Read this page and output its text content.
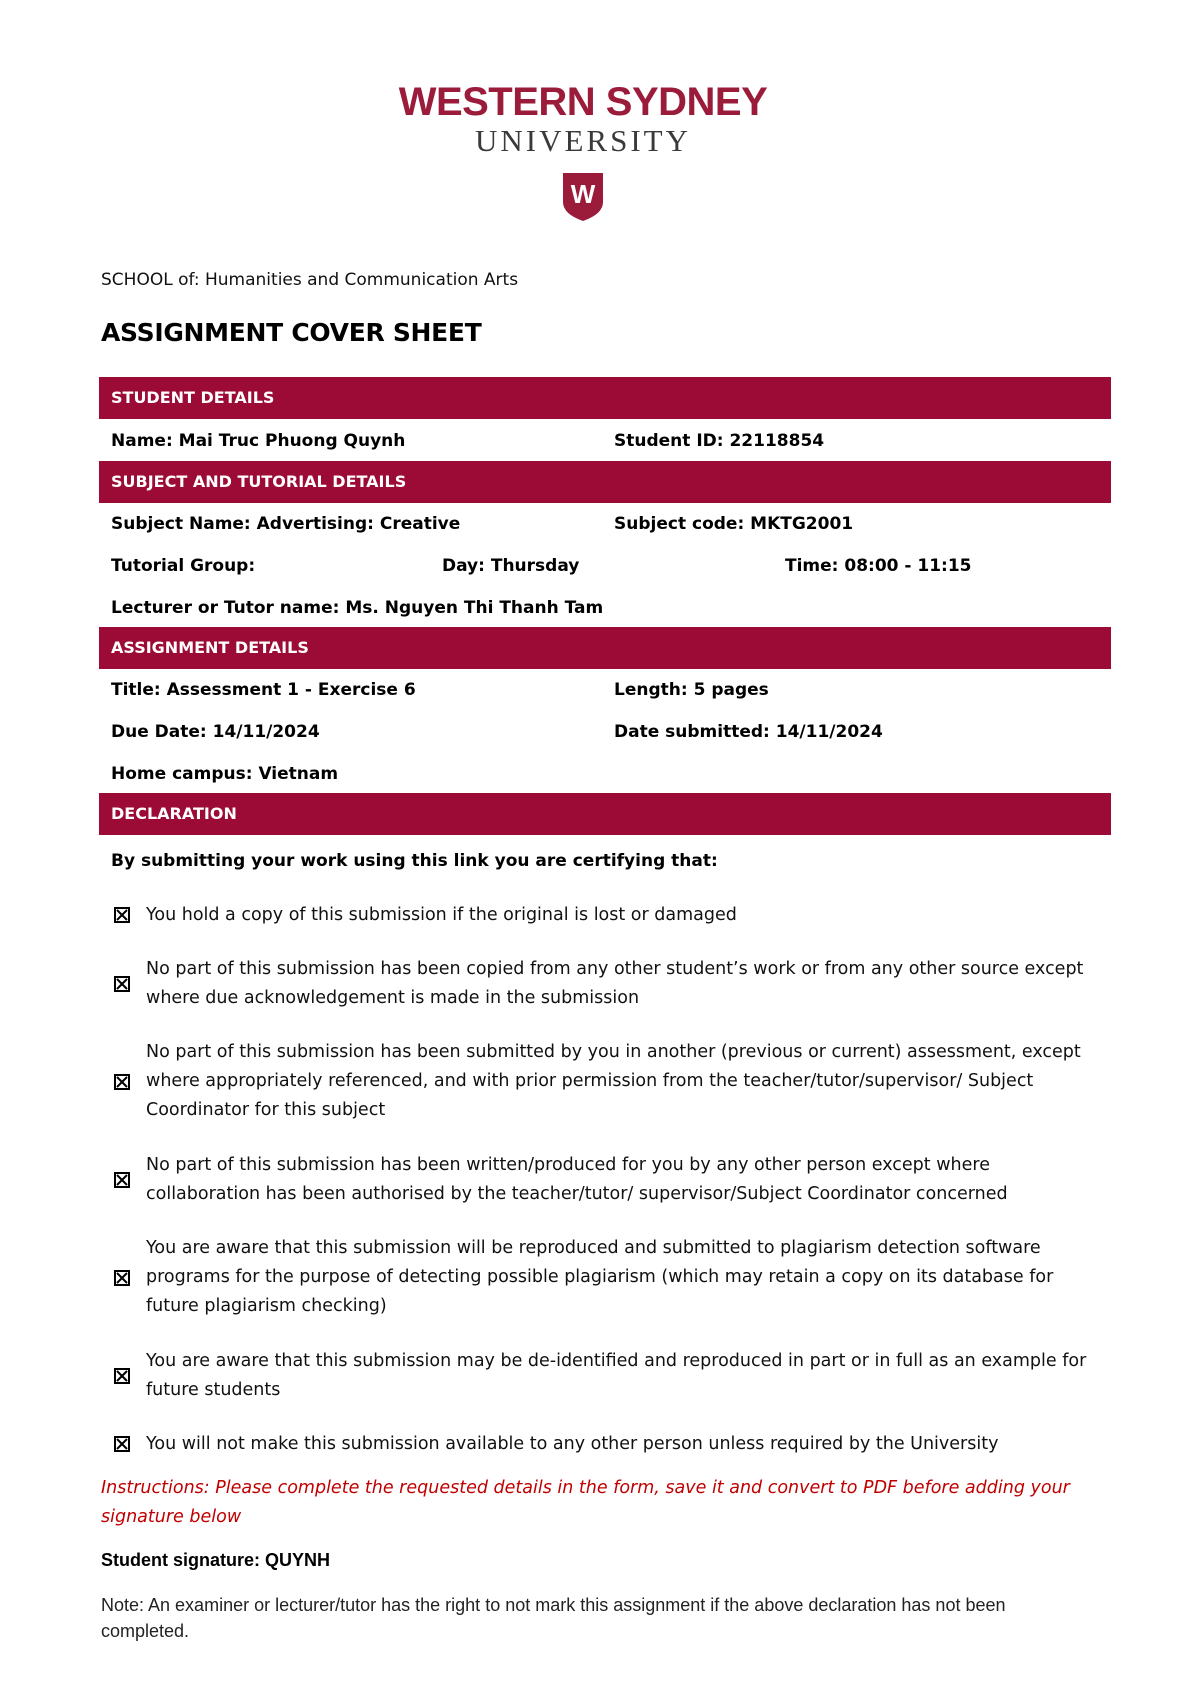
WESTERN SYDNEY
UNIVERSITY
W
SCHOOL of: Humanities and Communication Arts
ASSIGNMENT COVER SHEET
STUDENT DETAILS
Name: Mai Truc Phuong Quynh	Student ID: 22118854
SUBJECT AND TUTORIAL DETAILS
Subject Name: Advertising: Creative	Subject code: MKTG2001
Tutorial Group:	Day: Thursday	Time: 08:00 - 11:15
Lecturer or Tutor name: Ms. Nguyen Thi Thanh Tam
ASSIGNMENT DETAILS
Title: Assessment 1 - Exercise 6	Length: 5 pages
Due Date: 14/11/2024	Date submitted: 14/11/2024
Home campus: Vietnam
DECLARATION
By submitting your work using this link you are certifying that:
You hold a copy of this submission if the original is lost or damaged
No part of this submission has been copied from any other student’s work or from any other source except where due acknowledgement is made in the submission
No part of this submission has been submitted by you in another (previous or current) assessment, except where appropriately referenced, and with prior permission from the teacher/tutor/supervisor/ Subject Coordinator for this subject
No part of this submission has been written/produced for you by any other person except where collaboration has been authorised by the teacher/tutor/ supervisor/Subject Coordinator concerned
You are aware that this submission will be reproduced and submitted to plagiarism detection software programs for the purpose of detecting possible plagiarism (which may retain a copy on its database for future plagiarism checking)
You are aware that this submission may be de-identified and reproduced in part or in full as an example for future students
You will not make this submission available to any other person unless required by the University
Instructions: Please complete the requested details in the form, save it and convert to PDF before adding your signature below
Student signature: QUYNH
Note: An examiner or lecturer/tutor has the right to not mark this assignment if the above declaration has not been completed.
